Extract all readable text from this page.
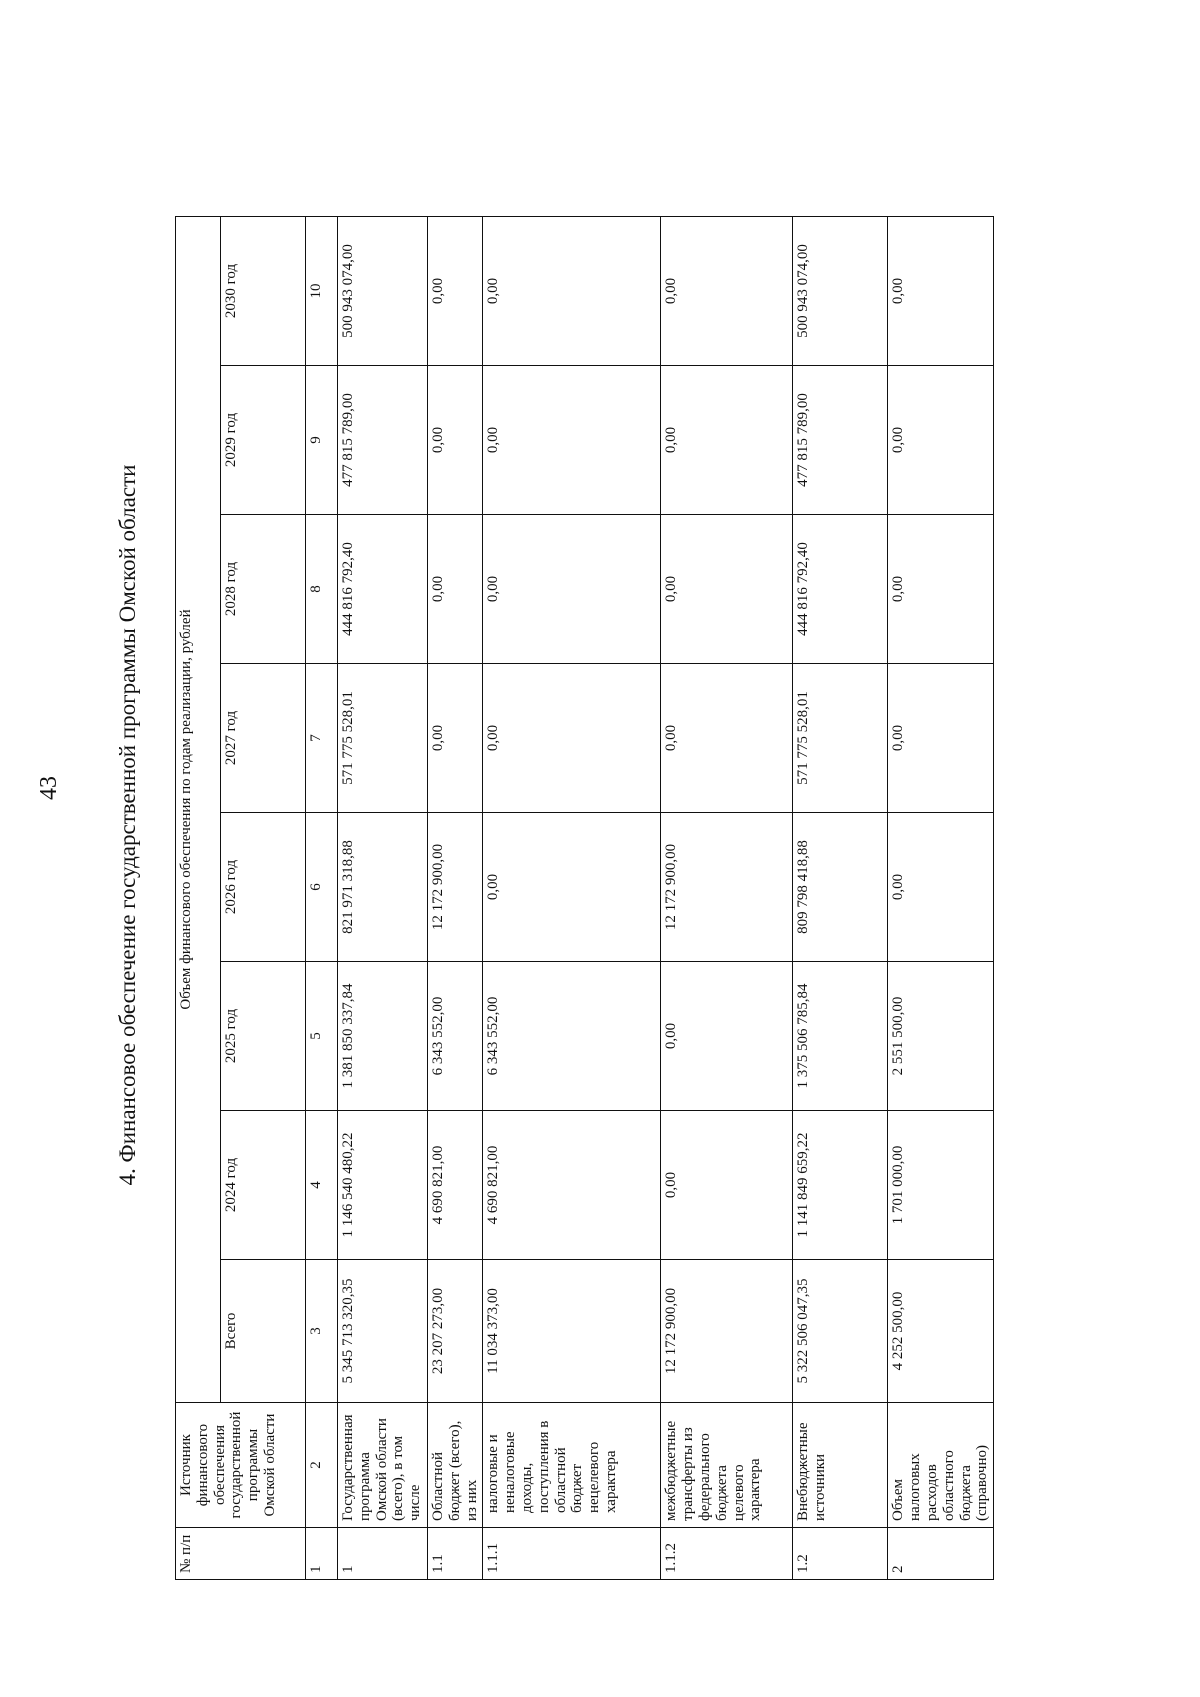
43 4. Финансовое обеспечение государственной программы Омской области
№ п/п	Источник финансового обеспечения государственной программы Омской области	Объем финансового обеспечения по годам реализации, рублей							
		Всего	2024 год	2025 год	2026 год	2027 год	2028 год	2029 год	2030 год
1	2	3	4	5	6	7	8	9	10
1	Государственная программа Омской области (всего), в том числе	5 345 713 320,35	1 146 540 480,22	1 381 850 337,84	821 971 318,88	571 775 528,01	444 816 792,40	477 815 789,00	500 943 074,00
1.1	Областной бюджет (всего), из них	23 207 273,00	4 690 821,00	6 343 552,00	12 172 900,00	0,00	0,00	0,00	0,00
1.1.1	налоговые и неналоговые доходы, поступления в областной бюджет нецелевого характера	11 034 373,00	4 690 821,00	6 343 552,00	0,00	0,00	0,00	0,00	0,00
1.1.2	межбюджетные трансферты из федерального бюджета целевого характера	12 172 900,00	0,00	0,00	12 172 900,00	0,00	0,00	0,00	0,00
1.2	Внебюджетные источники	5 322 506 047,35	1 141 849 659,22	1 375 506 785,84	809 798 418,88	571 775 528,01	444 816 792,40	477 815 789,00	500 943 074,00
2	Объем налоговых расходов областного бюджета (справочно)	4 252 500,00	1 701 000,00	2 551 500,00	0,00	0,00	0,00	0,00	0,00
